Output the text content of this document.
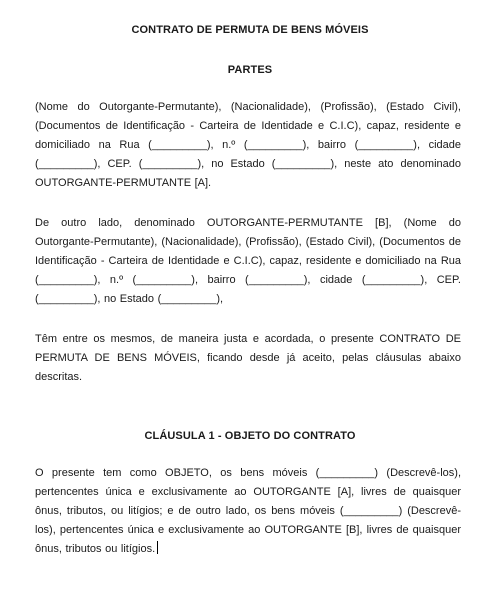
CONTRATO DE PERMUTA DE BENS MÓVEIS
PARTES

(Nome do Outorgante-Permutante), (Nacionalidade), (Profissão), (Estado Civil), (Documentos de Identificação - Carteira de Identidade e C.I.C), capaz, residente e domiciliado na Rua (_________), n.º (_________), bairro (_________), cidade (_________), CEP. (_________), no Estado (_________), neste ato denominado OUTORGANTE-PERMUTANTE [A].

De outro lado, denominado OUTORGANTE-PERMUTANTE [B], (Nome do Outorgante-Permutante), (Nacionalidade), (Profissão), (Estado Civil), (Documentos de Identificação - Carteira de Identidade e C.I.C), capaz, residente e domiciliado na Rua (_________), n.º (_________), bairro (_________), cidade (_________), CEP. (_________), no Estado (_________),

Têm entre os mesmos, de maneira justa e acordada, o presente CONTRATO DE PERMUTA DE BENS MÓVEIS, ficando desde já aceito, pelas cláusulas abaixo descritas.

CLÁUSULA 1 - OBJETO DO CONTRATO

O presente tem como OBJETO, os bens móveis (_________) (Descrevê-los), pertencentes única e exclusivamente ao OUTORGANTE [A], livres de quaisquer ônus, tributos, ou litígios; e de outro lado, os bens móveis (_________) (Descrevê-los), pertencentes única e exclusivamente ao OUTORGANTE [B], livres de quaisquer ônus, tributos ou litígios.
